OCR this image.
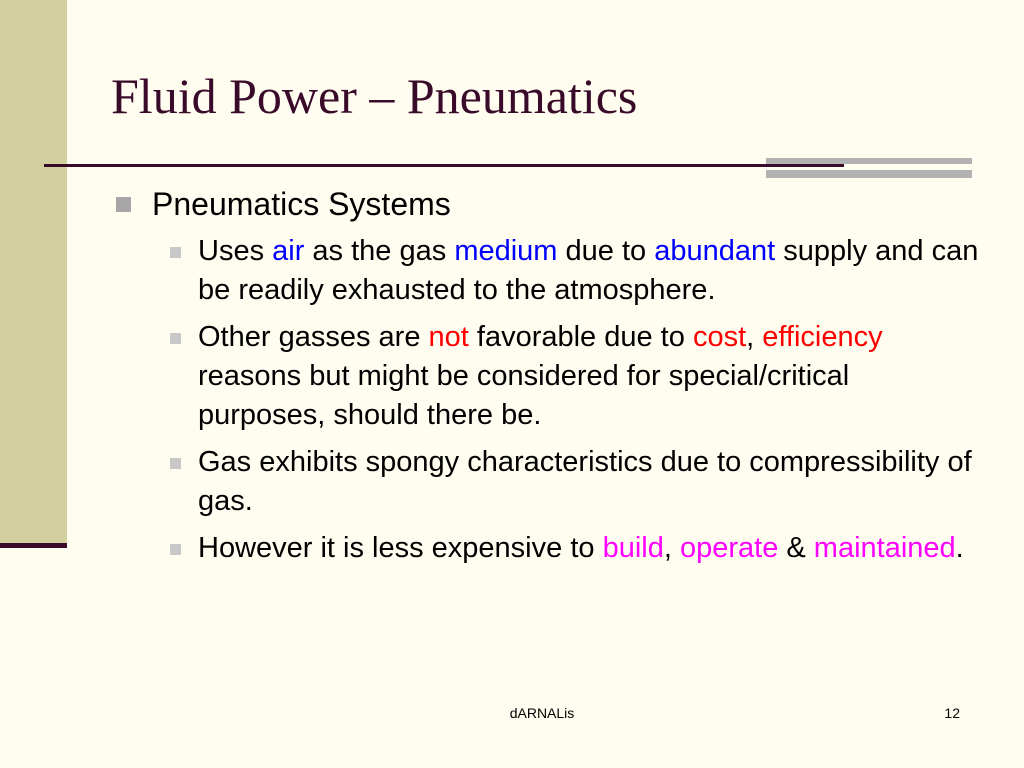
Fluid Power – Pneumatics
Pneumatics Systems
Uses air as the gas medium due to abundant supply and can be readily exhausted to the atmosphere.
Other gasses are not favorable due to cost, efficiency reasons but might be considered for special/critical purposes, should there be.
Gas exhibits spongy characteristics due to compressibility of gas.
However it is less expensive to build, operate & maintained.
dARNALis	12
